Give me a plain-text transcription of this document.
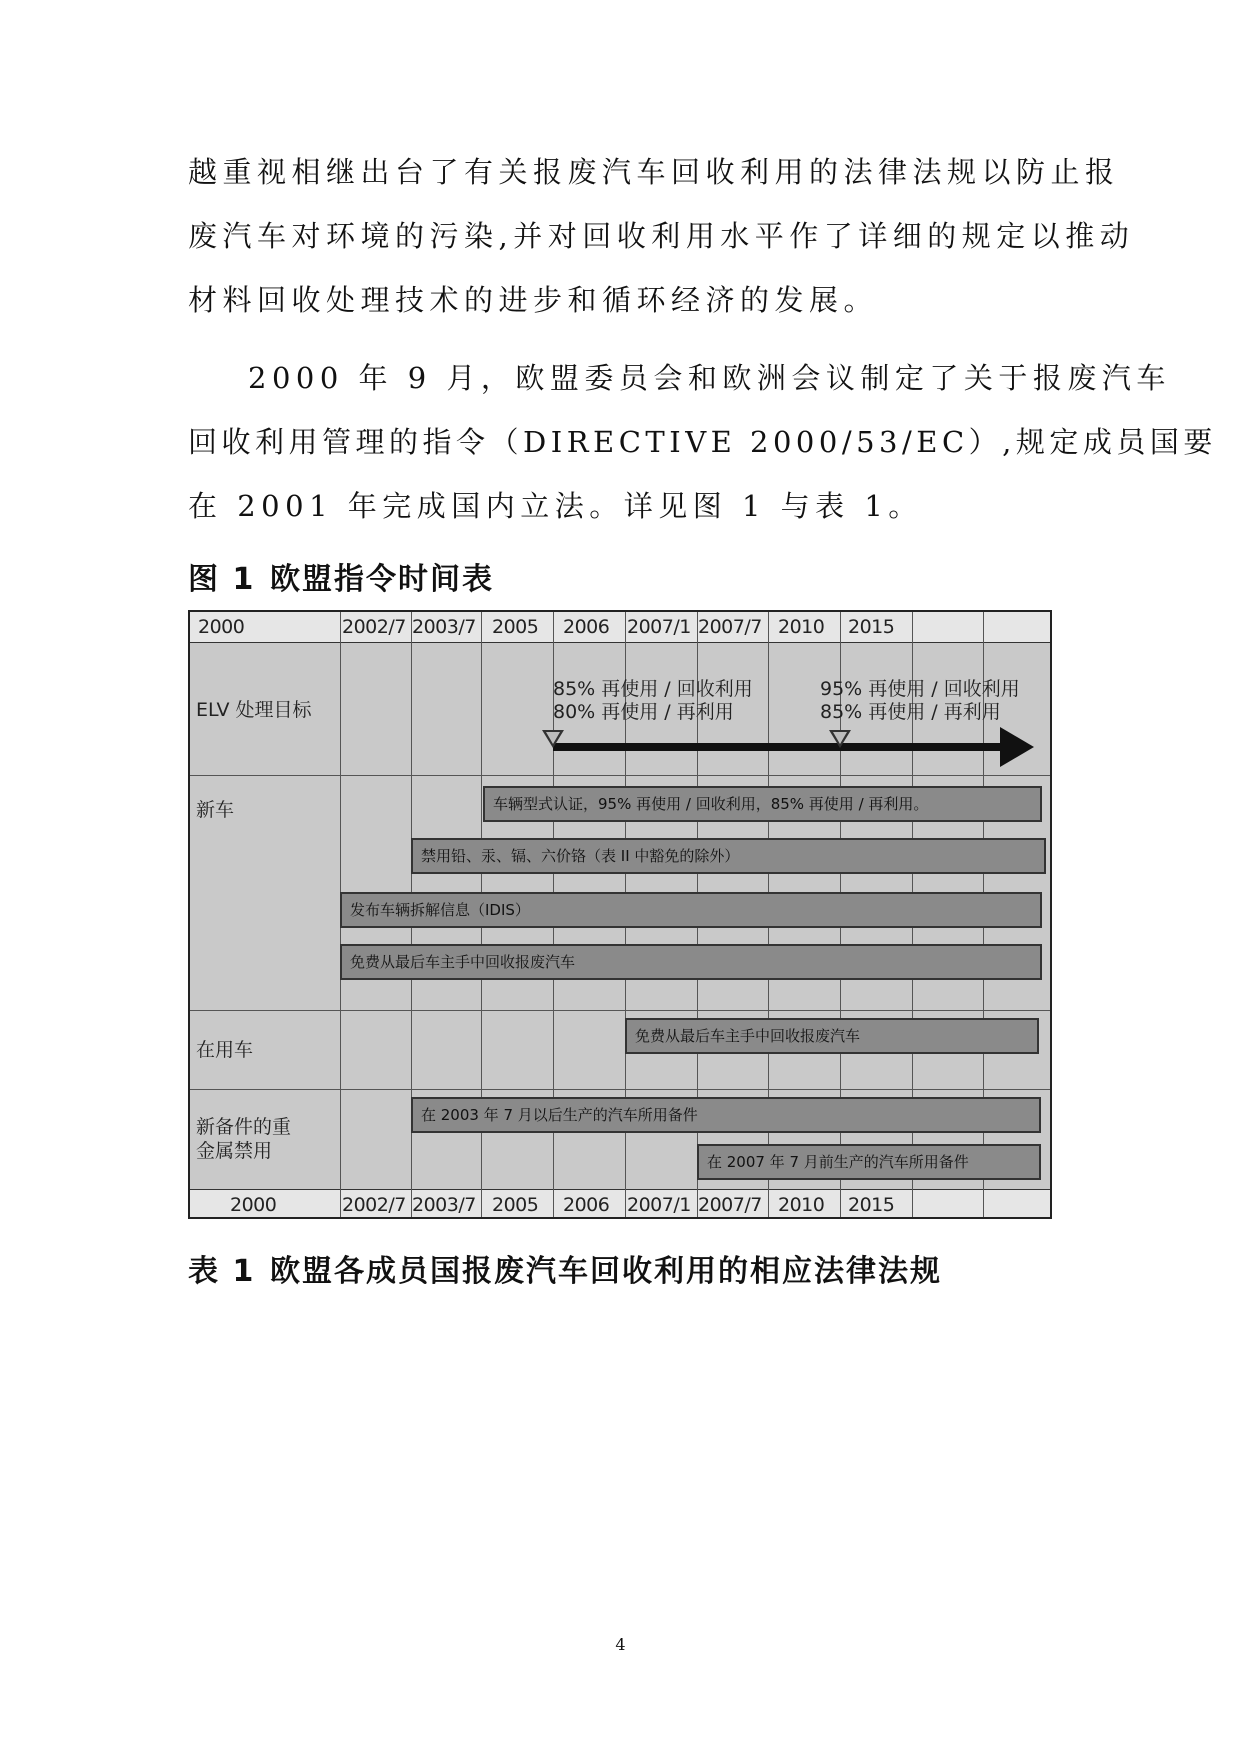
越重视相继出台了有关报废汽车回收利用的法律法规以防止报

废汽车对环境的污染,并对回收利用水平作了详细的规定以推动

材料回收处理技术的进步和循环经济的发展。

2000 年 9 月，欧盟委员会和欧洲会议制定了关于报废汽车

回收利用管理的指令（DIRECTIVE 2000/53/EC）,规定成员国要

在 2001 年完成国内立法。详见图 1 与表 1。

图 1 欧盟指令时间表

2000	2002/7 2003/7 2005 2006 2007/1 2007/7 2010 2015
2000	2002/7 2003/7 2005 2006 2007/1 2007/7 2010 2015
ELV 处理目标
新车
在用车
新备件的重
金属禁用
85% 再使用 / 回收利用
80% 再使用 / 再利用
95% 再使用 / 回收利用
85% 再使用 / 再利用
车辆型式认证，95% 再使用 / 回收利用，85% 再使用 / 再利用。
禁用铅、汞、镉、六价铬（表 II 中豁免的除外）
发布车辆拆解信息（IDIS）
免费从最后车主手中回收报废汽车
免费从最后车主手中回收报废汽车
在 2003 年 7 月以后生产的汽车所用备件
在 2007 年 7 月前生产的汽车所用备件

表 1 欧盟各成员国报废汽车回收利用的相应法律法规

4
